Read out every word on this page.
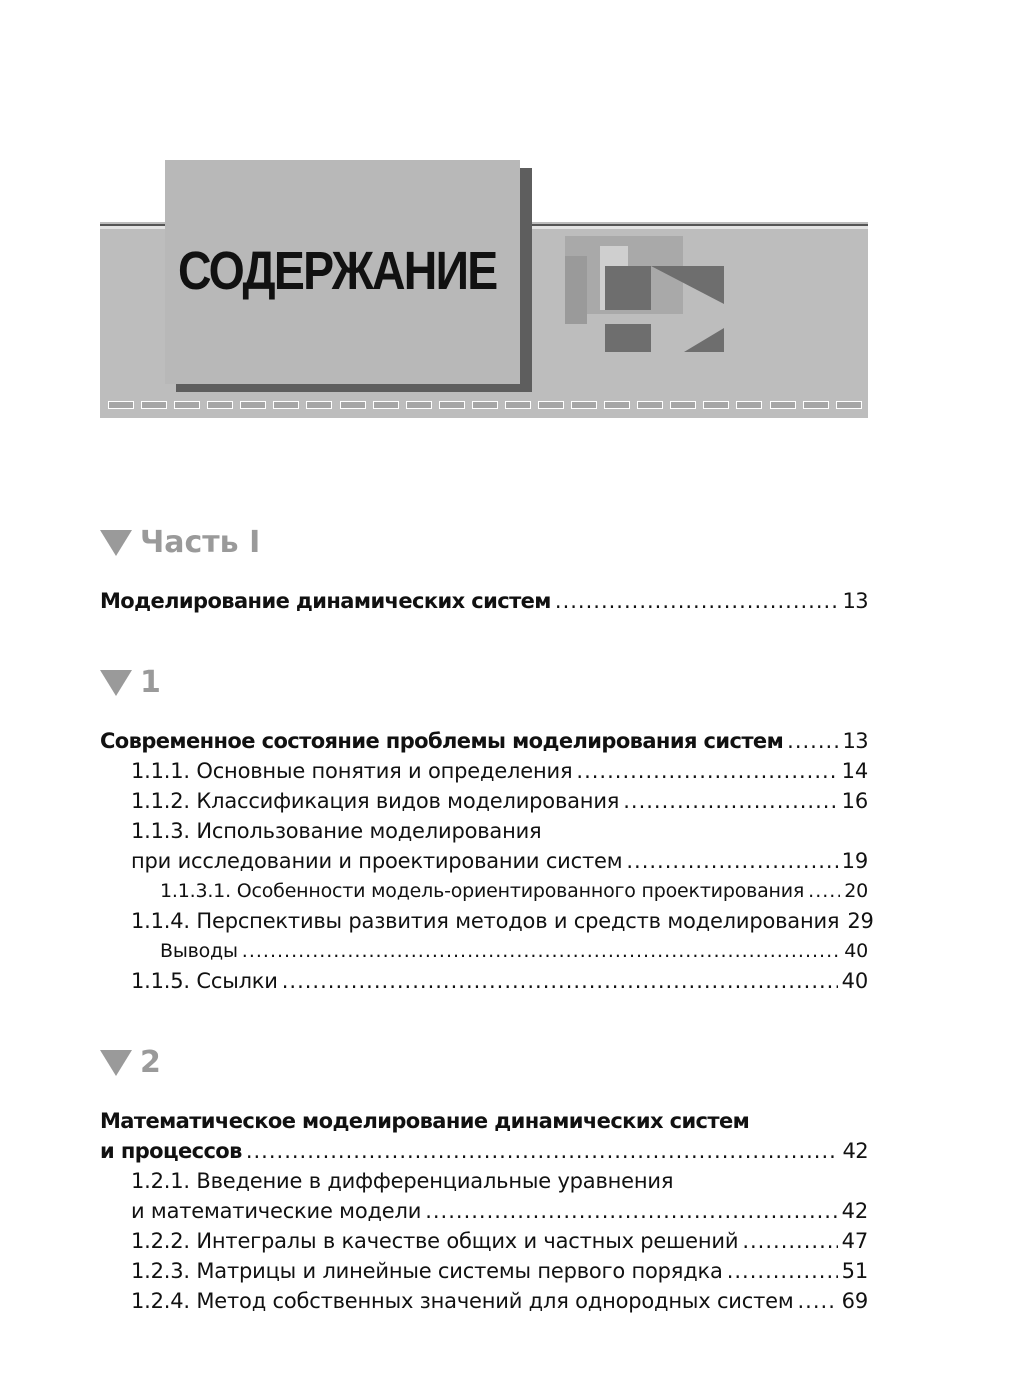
СОДЕРЖАНИЕ
Часть I
Моделирование динамических систем .....	13
1
Современное состояние проблемы моделирования систем .....	13
1.1.1. Основные понятия и определения .....	14
1.1.2. Классификация видов моделирования .....	16
1.1.3. Использование моделирования
при исследовании и проектировании систем .....	19
1.1.3.1. Особенности модель-ориентированного проектирования ..... 20
1.1.4. Перспективы развития методов и средств моделирования 29
Выводы .....	40
1.1.5. Ссылки .....	40
2
Математическое моделирование динамических систем
и процессов .....	42
1.2.1. Введение в дифференциальные уравнения
и математические модели .....	42
1.2.2. Интегралы в качестве общих и частных решений .....	47
1.2.3. Матрицы и линейные системы первого порядка .....	51
1.2.4. Метод собственных значений для однородных систем ..... 69
